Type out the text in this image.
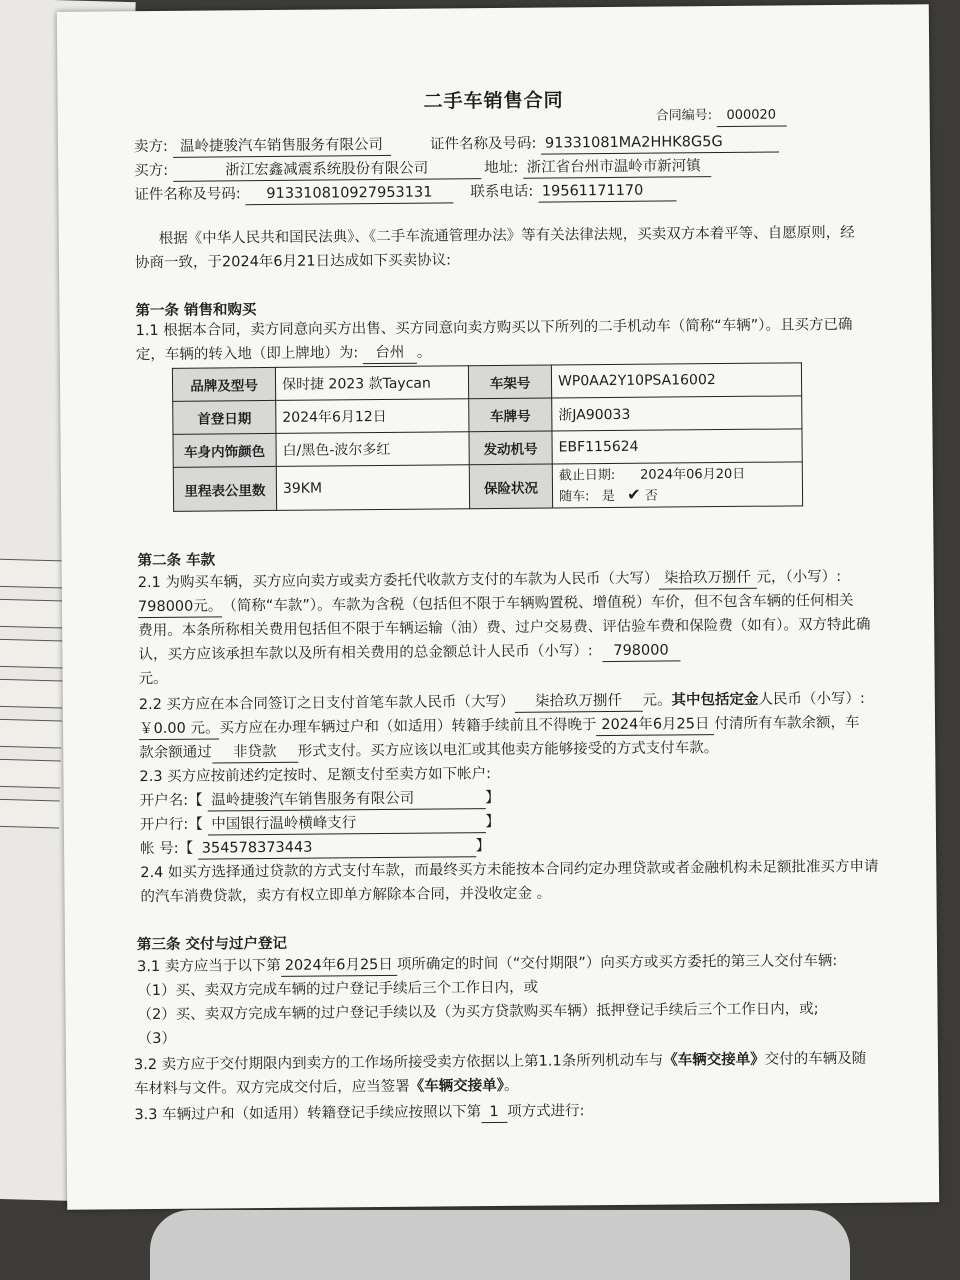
二手车销售合同
合同编号: 000020
卖方: 温岭捷骏汽车销售服务有限公司	证件名称及号码: 91331081MA2HHK8G5G
买方:	浙江宏鑫减震系统股份有限公司	地址: 浙江省台州市温岭市新河镇
证件名称及号码: 913310810927953131	联系电话: 19561171170
根据《中华人民共和国民法典》、《二手车流通管理办法》等有关法律法规，买卖双方本着平等、自愿原则，经
协商一致，于2024年6月21日达成如下买卖协议:
第一条 销售和购买
1.1 根据本合同，卖方同意向买方出售、买方同意向卖方购买以下所列的二手机动车（简称“车辆”）。且买方已确
定，车辆的转入地（即上牌地）为: 台州 。
品牌及型号	保时捷 2023 款Taycan	车架号	WP0AA2Y10PSA16002
首登日期	2024年6月12日	车牌号	浙JA90033
车身内饰颜色	白/黑色-波尔多红	发动机号	EBF115624
里程表公里数	39KM	保险状况	截止日期: 2024年06月20日
随车: 是 ✔ 否
第二条 车款
2.1 为购买车辆，买方应向卖方或卖方委托代收款方支付的车款为人民币（大写） 柒拾玖万捌仟 元，（小写）:
798000元。（简称“车款”）。车款为含税（包括但不限于车辆购置税、增值税）车价，但不包含车辆的任何相关
费用。本条所称相关费用包括但不限于车辆运输（油）费、过户交易费、评估验车费和保险费（如有）。双方特此确
认，买方应该承担车款以及所有相关费用的总金额总计人民币（小写）: 798000
元。
2.2 买方应在本合同签订之日支付首笔车款人民币（大写） 柒拾玖万捌仟 元。其中包括定金人民币（小写）:
￥0.00 元。买方应在办理车辆过户和（如适用）转籍手续前且不得晚于 2024年6月25日 付清所有车款余额，车
款余额通过 非贷款 形式支付。买方应该以电汇或其他卖方能够接受的方式支付车款。
2.3 买方应按前述约定按时、足额支付至卖方如下帐户:
开户名:【 温岭捷骏汽车销售服务有限公司	】
开户行:【 中国银行温岭横峰支行	】
帐 号:【 354578373443	】
2.4 如买方选择通过贷款的方式支付车款，而最终买方未能按本合同约定办理贷款或者金融机构未足额批准买方申请
的汽车消费贷款，卖方有权立即单方解除本合同，并没收定金 。
第三条 交付与过户登记
3.1 卖方应当于以下第 2024年6月25日 项所确定的时间（“交付期限”）向买方或买方委托的第三人交付车辆:
（1）买、卖双方完成车辆的过户登记手续后三个工作日内，或
（2）买、卖双方完成车辆的过户登记手续以及（为买方贷款购买车辆）抵押登记手续后三个工作日内，或;
（3）
3.2 卖方应于交付期限内到卖方的工作场所接受卖方依据以上第1.1条所列机动车与《车辆交接单》交付的车辆及随
车材料与文件。双方完成交付后，应当签署《车辆交接单》。
3.3 车辆过户和（如适用）转籍登记手续应按照以下第 1 项方式进行:
